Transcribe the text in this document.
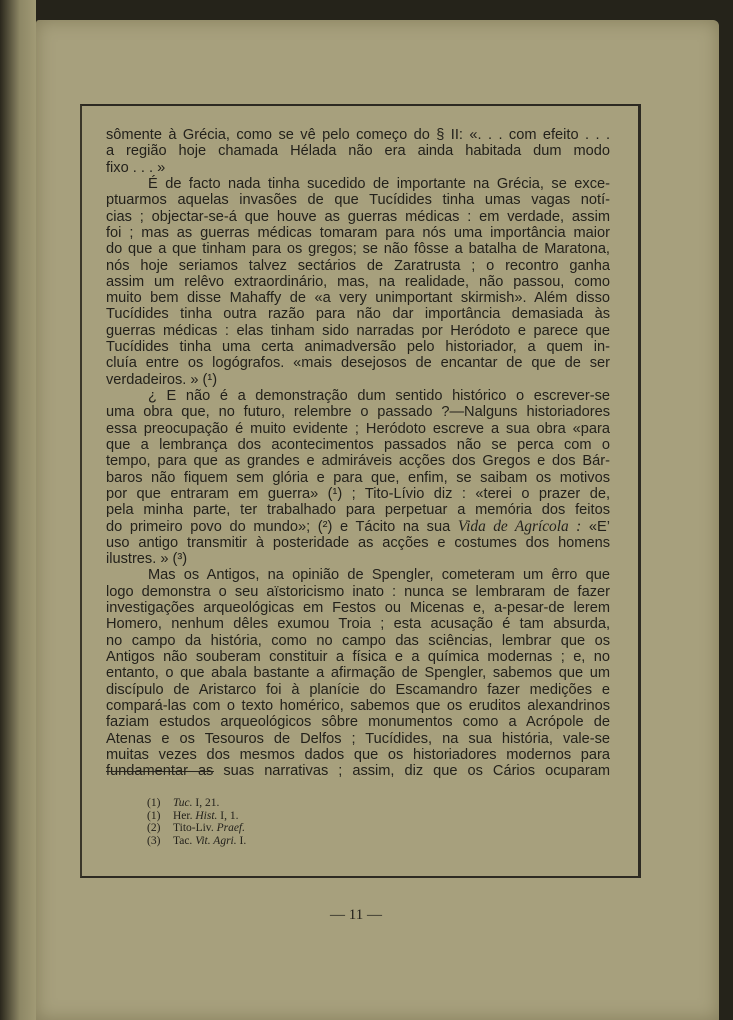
sômente à Grécia, como se vê pelo começo do § II: «. . . com efeito . . .
a região hoje chamada Hélada não era ainda habitada dum modo
fixo . . . »
É de facto nada tinha sucedido de importante na Grécia, se exce-
ptuarmos aquelas invasões de que Tucídides tinha umas vagas notí-
cias ; objectar-se-á que houve as guerras médicas : em verdade, assim
foi ; mas as guerras médicas tomaram para nós uma importância maior
do que a que tinham para os gregos; se não fôsse a batalha de Maratona,
nós hoje seriamos talvez sectários de Zaratrusta ; o recontro ganha
assim um relêvo extraordinário, mas, na realidade, não passou, como
muito bem disse Mahaffy de «a very unimportant skirmish». Além disso
Tucídides tinha outra razão para não dar importância demasiada às
guerras médicas : elas tinham sido narradas por Heródoto e parece que
Tucídides tinha uma certa animadversão pelo historiador, a quem in-
cluía entre os logógrafos. «mais desejosos de encantar de que de ser
verdadeiros. » (¹)
¿ E não é a demonstração dum sentido histórico o escrever-se
uma obra que, no futuro, relembre o passado ?—Nalguns historiadores
essa preocupação é muito evidente ; Heródoto escreve a sua obra «para
que a lembrança dos acontecimentos passados não se perca com o
tempo, para que as grandes e admiráveis acções dos Gregos e dos Bár-
baros não fiquem sem glória e para que, enfim, se saibam os motivos
por que entraram em guerra» (¹) ; Tito-Lívio diz : «terei o prazer de,
pela minha parte, ter trabalhado para perpetuar a memória dos feitos
do primeiro povo do mundo»; (²) e Tácito na sua Vida de Agrícola : «E’
uso antigo transmitir à posteridade as acções e costumes dos homens
ilustres. » (³)
Mas os Antigos, na opinião de Spengler, cometeram um êrro que
logo demonstra o seu aïstoricismo inato : nunca se lembraram de fazer
investigações arqueológicas em Festos ou Micenas e, a-pesar-de lerem
Homero, nenhum dêles exumou Troia ; esta acusação é tam absurda,
no campo da história, como no campo das sciências, lembrar que os
Antigos não souberam constituir a física e a química modernas ; e, no
entanto, o que abala bastante a afirmação de Spengler, sabemos que um
discípulo de Aristarco foi à planície do Escamandro fazer medições e
compará-las com o texto homérico, sabemos que os eruditos alexandrinos
faziam estudos arqueológicos sôbre monumentos como a Acrópole de
Atenas e os Tesouros de Delfos ; Tucídides, na sua história, vale-se
muitas vezes dos mesmos dados que os historiadores modernos para
fundamentar as suas narrativas ; assim, diz que os Cários ocuparam
(1) Tuc. I, 21.
(1) Her. Hist. I, 1.
(2) Tito-Liv. Praef.
(3) Tac. Vit. Agri. I.
— 11 —
